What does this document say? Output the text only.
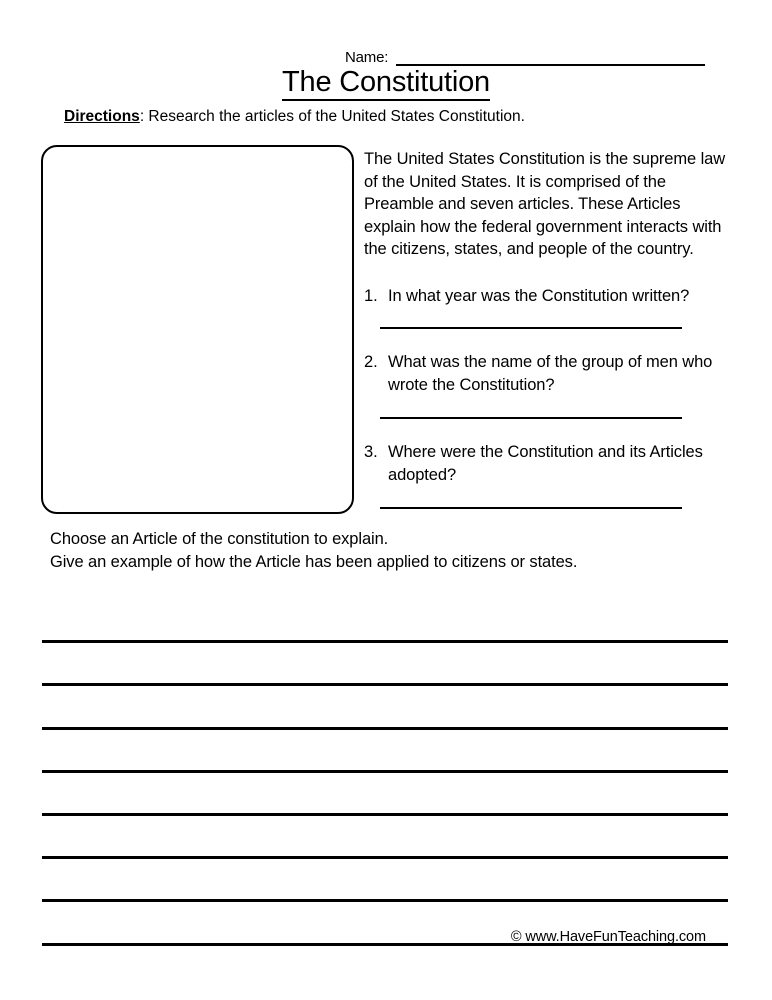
Name:
The Constitution
Directions: Research the articles of the United States Constitution.

The United States Constitution is the supreme law of the United States. It is comprised of the Preamble and seven articles. These Articles explain how the federal government interacts with the citizens, states, and people of the country.

1. In what year was the Constitution written?
2. What was the name of the group of men who wrote the Constitution?
3. Where were the Constitution and its Articles adopted?
Choose an Article of the constitution to explain.
Give an example of how the Article has been applied to citizens or states.
© www.HaveFunTeaching.com
